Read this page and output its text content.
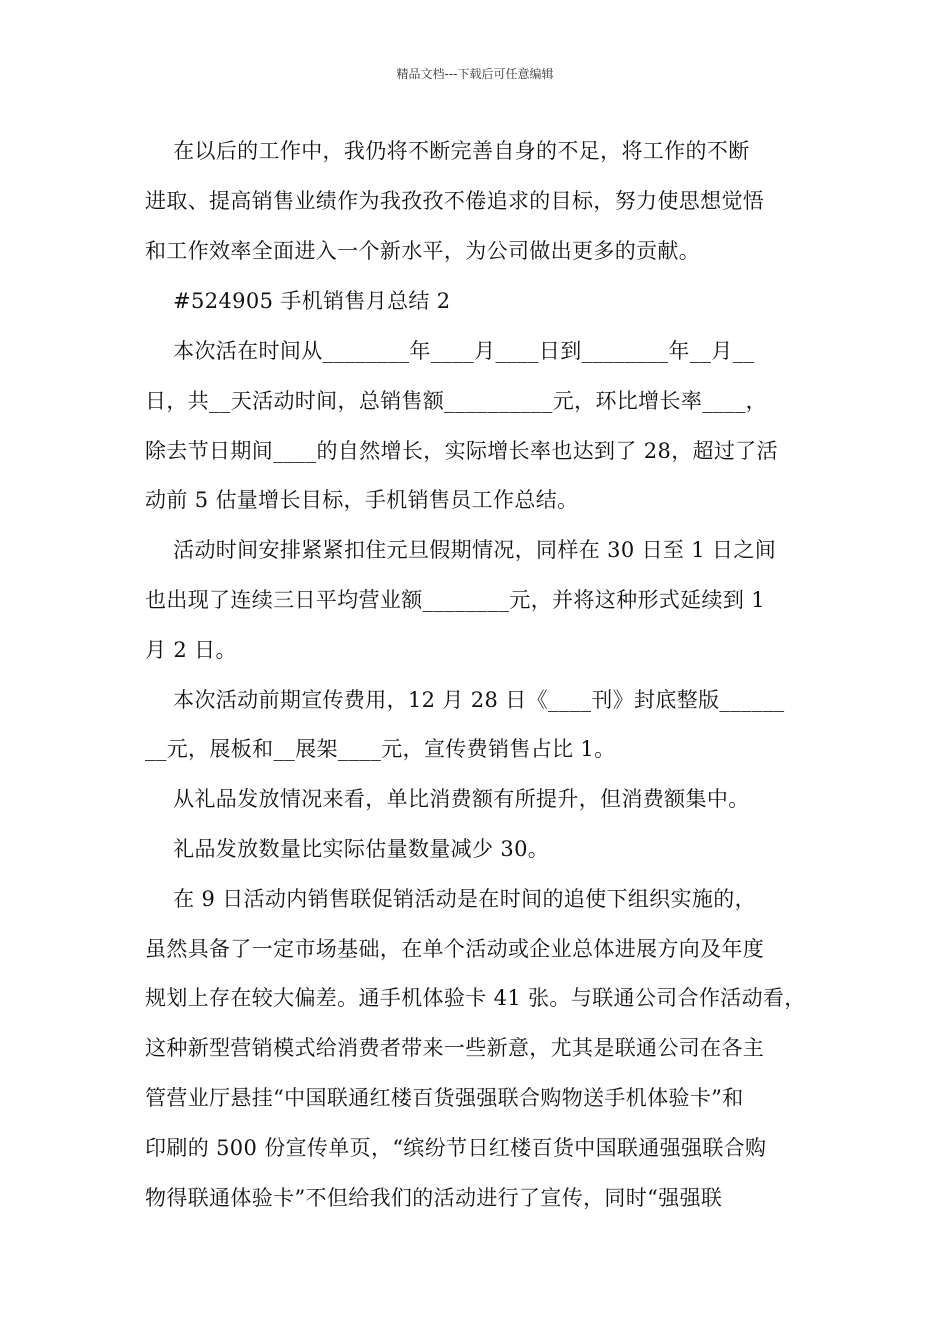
精品文档---下载后可任意编辑
在以后的工作中，我仍将不断完善自身的不足，将工作的不断
进取、提高销售业绩作为我孜孜不倦追求的目标，努力使思想觉悟
和工作效率全面进入一个新水平，为公司做出更多的贡献。
#524905 手机销售月总结 2
本次活在时间从________年____月____日到________年__月__
日，共__天活动时间，总销售额__________元，环比增长率____，
除去节日期间____的自然增长，实际增长率也达到了 28，超过了活
动前 5 估量增长目标，手机销售员工作总结。
活动时间安排紧紧扣住元旦假期情况，同样在 30 日至 1 日之间
也出现了连续三日平均营业额________元，并将这种形式延续到 1
月 2 日。
本次活动前期宣传费用，12 月 28 日《____刊》封底整版______
__元，展板和__展架____元，宣传费销售占比 1。
从礼品发放情况来看，单比消费额有所提升，但消费额集中。
礼品发放数量比实际估量数量减少 30。
在 9 日活动内销售联促销活动是在时间的追使下组织实施的，
虽然具备了一定市场基础，在单个活动或企业总体进展方向及年度
规划上存在较大偏差。通手机体验卡 41 张。与联通公司合作活动看，
这种新型营销模式给消费者带来一些新意，尤其是联通公司在各主
管营业厅悬挂“中国联通红楼百货强强联合购物送手机体验卡”和
印刷的 500 份宣传单页，“缤纷节日红楼百货中国联通强强联合购
物得联通体验卡”不但给我们的活动进行了宣传，同时“强强联
